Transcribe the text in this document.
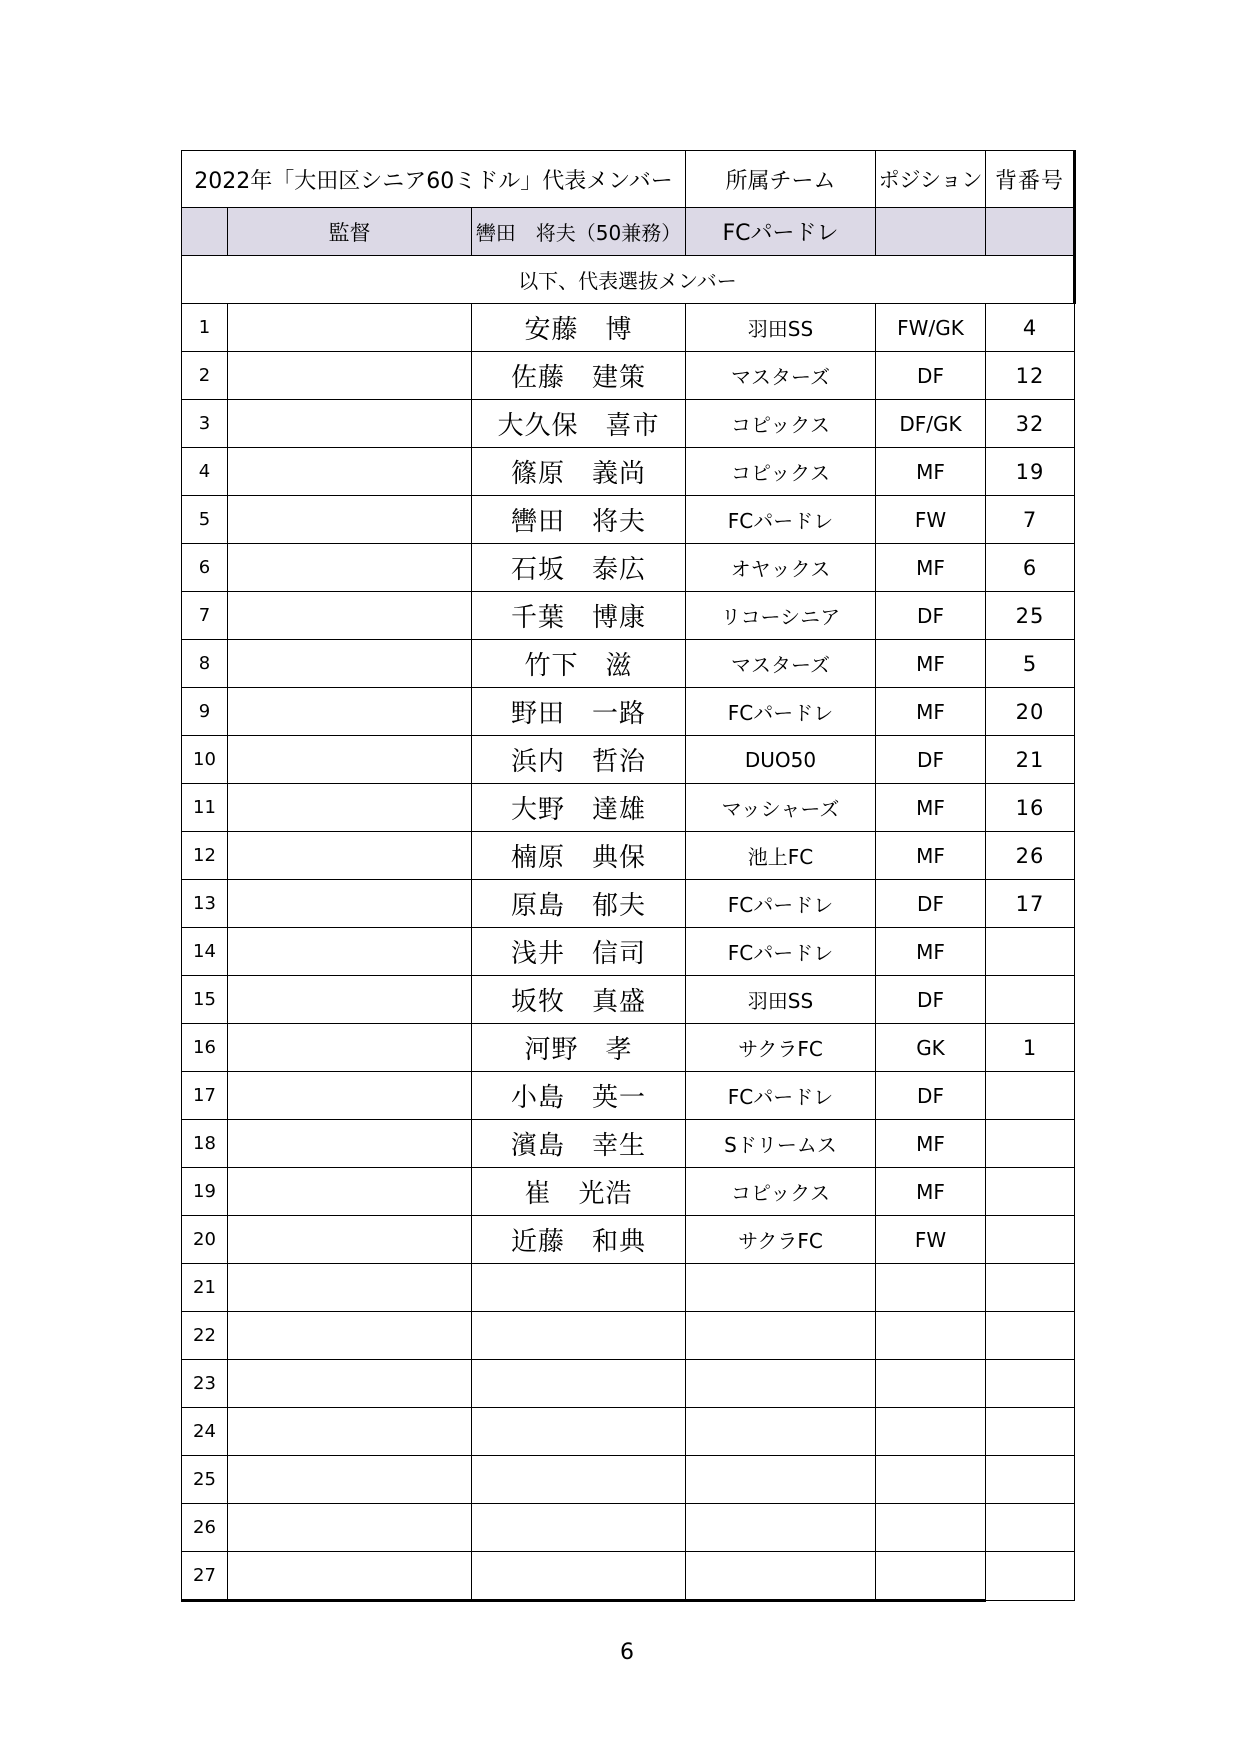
2022年「大田区シニア60ミドル」代表メンバー			所属チーム	ポジション	背番号
	監督	轡田　将夫（50兼務）	FCパードレ		
以下、代表選抜メンバー					
1		安藤　博	羽田SS	FW/GK	4
2		佐藤　建策	マスターズ	DF	12
3		大久保　喜市	コピックス	DF/GK	32
4		篠原　義尚	コピックス	MF	19
5		轡田　将夫	FCパードレ	FW	7
6		石坂　泰広	オヤックス	MF	6
7		千葉　博康	リコーシニア	DF	25
8		竹下　滋	マスターズ	MF	5
9		野田　一路	FCパードレ	MF	20
10		浜内　哲治	DUO50	DF	21
11		大野　達雄	マッシャーズ	MF	16
12		楠原　典保	池上FC	MF	26
13		原島　郁夫	FCパードレ	DF	17
14		浅井　信司	FCパードレ	MF	
15		坂牧　真盛	羽田SS	DF	
16		河野　孝	サクラFC	GK	1
17		小島　英一	FCパードレ	DF	
18		濱島　幸生	Sドリームス	MF	
19		崔　光浩	コピックス	MF	
20		近藤　和典	サクラFC	FW	
21					
22					
23					
24					
25					
26					
27					
6
